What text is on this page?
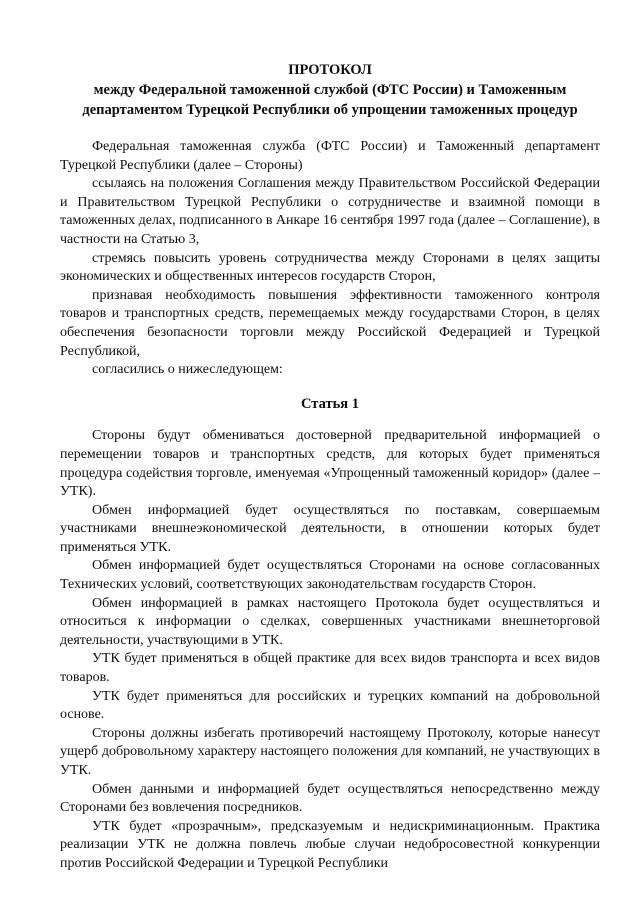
ПРОТОКОЛ
между Федеральной таможенной службой (ФТС России) и Таможенным департаментом Турецкой Республики об упрощении таможенных процедур

Федеральная таможенная служба (ФТС России) и Таможенный департамент Турецкой Республики (далее – Стороны)

ссылаясь на положения Соглашения между Правительством Российской Федерации и Правительством Турецкой Республики о сотрудничестве и взаимной помощи в таможенных делах, подписанного в Анкаре 16 сентября 1997 года (далее – Соглашение), в частности на Статью 3,

стремясь повысить уровень сотрудничества между Сторонами в целях защиты экономических и общественных интересов государств Сторон,

признавая необходимость повышения эффективности таможенного контроля товаров и транспортных средств, перемещаемых между государствами Сторон, в целях обеспечения безопасности торговли между Российской Федерацией и Турецкой Республикой,

согласились о нижеследующем:

Статья 1

Стороны будут обмениваться достоверной предварительной информацией о перемещении товаров и транспортных средств, для которых будет применяться процедура содействия торговле, именуемая «Упрощенный таможенный коридор» (далее – УТК).

Обмен информацией будет осуществляться по поставкам, совершаемым участниками внешнеэкономической деятельности, в отношении которых будет применяться УТК.

Обмен информацией будет осуществляться Сторонами на основе согласованных Технических условий, соответствующих законодательствам государств Сторон.

Обмен информацией в рамках настоящего Протокола будет осуществляться и относиться к информации о сделках, совершенных участниками внешнеторговой деятельности, участвующими в УТК.

УТК будет применяться в общей практике для всех видов транспорта и всех видов товаров.

УТК будет применяться для российских и турецких компаний на добровольной основе.

Стороны должны избегать противоречий настоящему Протоколу, которые нанесут ущерб добровольному характеру настоящего положения для компаний, не участвующих в УТК.

Обмен данными и информацией будет осуществляться непосредственно между Сторонами без вовлечения посредников.

УТК будет «прозрачным», предсказуемым и недискриминационным. Практика реализации УТК не должна повлечь любые случаи недобросовестной конкуренции против Российской Федерации и Турецкой Республики
